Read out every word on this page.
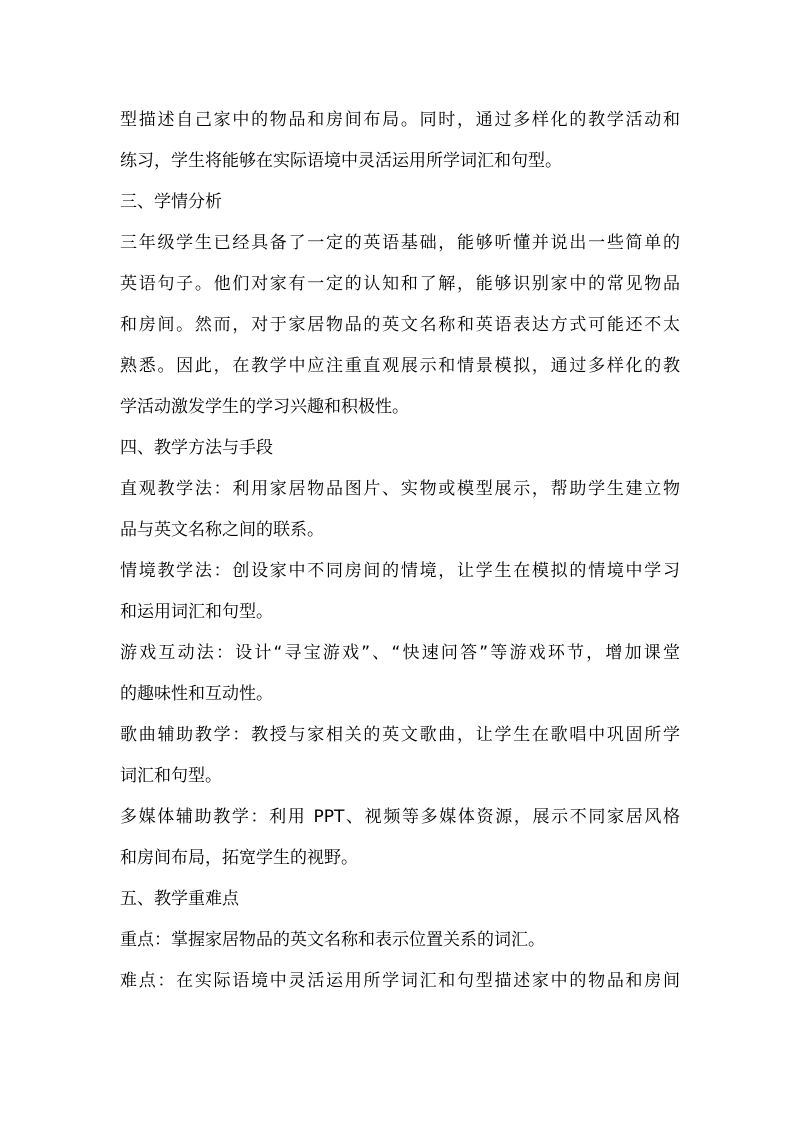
型描述自己家中的物品和房间布局。同时，通过多样化的教学活动和
练习，学生将能够在实际语境中灵活运用所学词汇和句型。
三、学情分析
三年级学生已经具备了一定的英语基础，能够听懂并说出一些简单的
英语句子。他们对家有一定的认知和了解，能够识别家中的常见物品
和房间。然而，对于家居物品的英文名称和英语表达方式可能还不太
熟悉。因此，在教学中应注重直观展示和情景模拟，通过多样化的教
学活动激发学生的学习兴趣和积极性。
四、教学方法与手段
直观教学法：利用家居物品图片、实物或模型展示，帮助学生建立物
品与英文名称之间的联系。
情境教学法：创设家中不同房间的情境，让学生在模拟的情境中学习
和运用词汇和句型。
游戏互动法：设计“寻宝游戏”、“快速问答”等游戏环节，增加课堂
的趣味性和互动性。
歌曲辅助教学：教授与家相关的英文歌曲，让学生在歌唱中巩固所学
词汇和句型。
多媒体辅助教学：利用 PPT、视频等多媒体资源，展示不同家居风格
和房间布局，拓宽学生的视野。
五、教学重难点
重点：掌握家居物品的英文名称和表示位置关系的词汇。
难点：在实际语境中灵活运用所学词汇和句型描述家中的物品和房间
